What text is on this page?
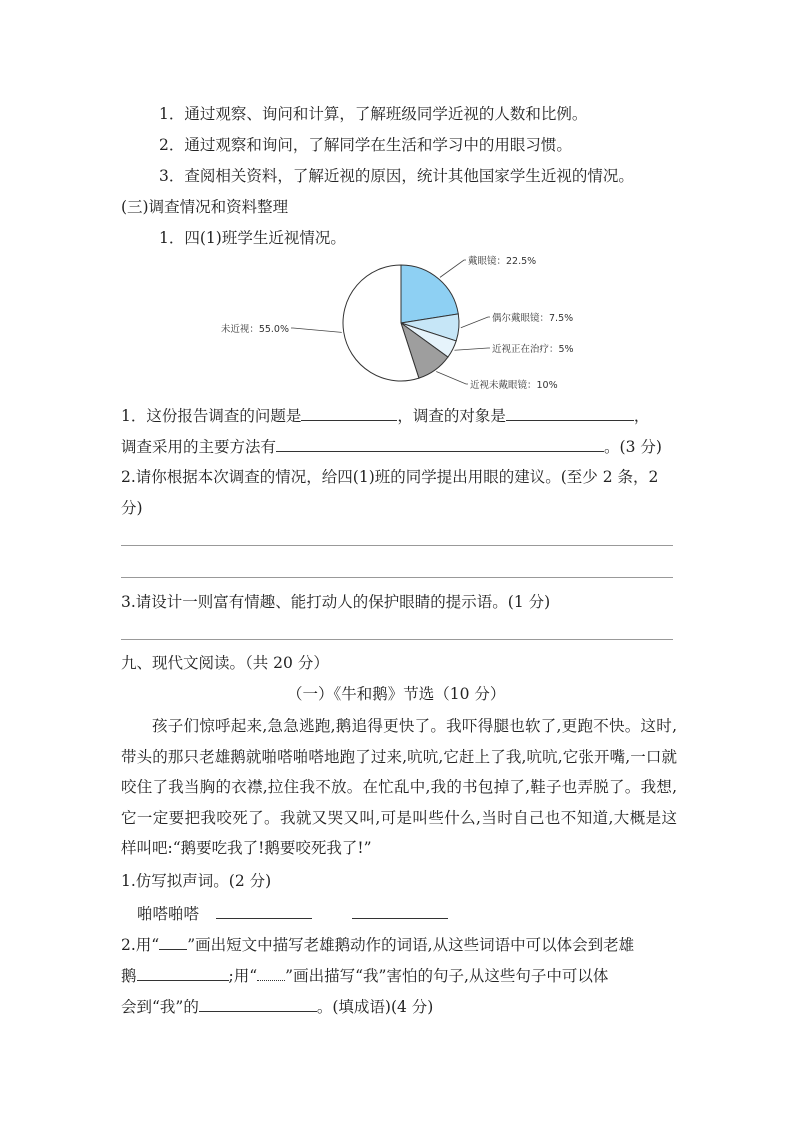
1．通过观察、询问和计算，了解班级同学近视的人数和比例。
2．通过观察和询问，了解同学在生活和学习中的用眼习惯。
3．查阅相关资料，了解近视的原因，统计其他国家学生近视的情况。
(三)调查情况和资料整理
1．四(1)班学生近视情况。
戴眼镜：22.5%
偶尔戴眼镜：7.5%
近视正在治疗：5%
近视未戴眼镜：10%
未近视：55.0%
1．这份报告调查的问题是	，调查的对象是	，
调查采用的主要方法有	。(3 分)
2.请你根据本次调查的情况，给四(1)班的同学提出用眼的建议。(至少 2 条，2
分)
3.请设计一则富有情趣、能打动人的保护眼睛的提示语。(1 分)
九、现代文阅读。（共 20 分）
（一）《牛和鹅》节选（10 分）
孩子们惊呼起来,急急逃跑,鹅追得更快了。我吓得腿也软了,更跑不快。这时,带头的那只老雄鹅就啪嗒啪嗒地跑了过来,吭吭,它赶上了我,吭吭,它张开嘴,一口就咬住了我当胸的衣襟,拉住我不放。在忙乱中,我的书包掉了,鞋子也弄脱了。我想,它一定要把我咬死了。我就又哭又叫,可是叫些什么,当时自己也不知道,大概是这样叫吧:“鹅要吃我了!鹅要咬死我了!”
1.仿写拟声词。(2 分)
啪嗒啪嗒
2.用“ ”画出短文中描写老雄鹅动作的词语,从这些词语中可以体会到老雄
鹅	;用“ ”画出描写“我”害怕的句子,从这些句子中可以体
会到“我”的	。(填成语)(4 分)
